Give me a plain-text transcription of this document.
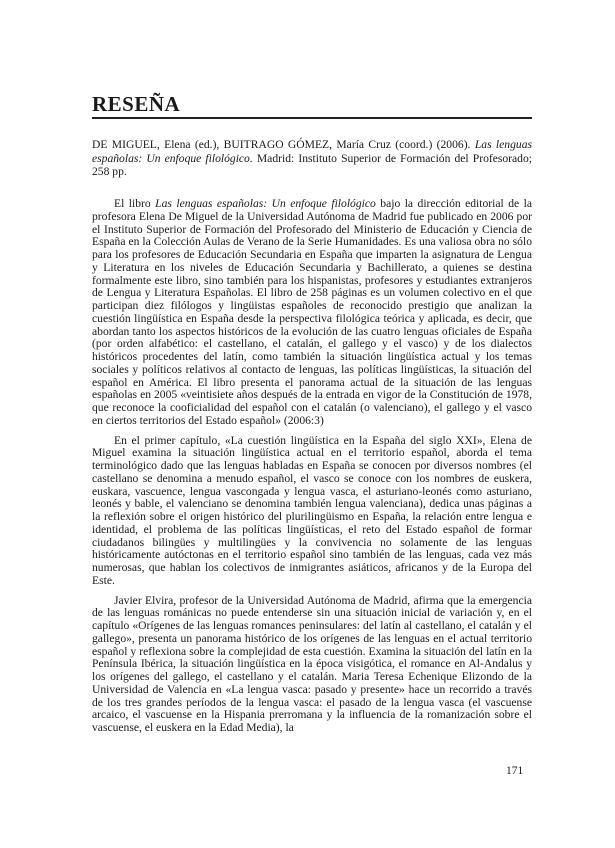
RESEÑA

DE MIGUEL, Elena (ed.), BUITRAGO GÓMEZ, María Cruz (coord.) (2006). Las lenguas españolas: Un enfoque filológico. Madrid: Instituto Superior de Formación del Profesorado; 258 pp.

El libro Las lenguas españolas: Un enfoque filológico bajo la dirección editorial de la profesora Elena De Miguel de la Universidad Autónoma de Madrid fue publicado en 2006 por el Instituto Superior de Formación del Profesorado del Ministerio de Educación y Ciencia de España en la Colección Aulas de Verano de la Serie Humanidades. Es una valiosa obra no sólo para los profesores de Educación Secundaria en España que imparten la asignatura de Lengua y Literatura en los niveles de Educación Secundaria y Bachillerato, a quienes se destina formalmente este libro, sino también para los hispanistas, profesores y estudiantes extranjeros de Lengua y Literatura Españolas. El libro de 258 páginas es un volumen colectivo en el que participan diez filólogos y lingüistas españoles de reconocido prestigio que analizan la cuestión lingüística en España desde la perspectiva filológica teórica y aplicada, es decir, que abordan tanto los aspectos históricos de la evolución de las cuatro lenguas oficiales de España (por orden alfabético: el castellano, el catalán, el gallego y el vasco) y de los dialectos históricos procedentes del latín, como también la situación lingüística actual y los temas sociales y políticos relativos al contacto de lenguas, las políticas lingüísticas, la situación del español en América. El libro presenta el panorama actual de la situación de las lenguas españolas en 2005 «veintisiete años después de la entrada en vigor de la Constitución de 1978, que reconoce la cooficialidad del español con el catalán (o valenciano), el gallego y el vasco en ciertos territorios del Estado español» (2006:3)

En el primer capítulo, «La cuestión lingüística en la España del siglo XXI», Elena de Miguel examina la situación lingüística actual en el territorio español, aborda el tema terminológico dado que las lenguas habladas en España se conocen por diversos nombres (el castellano se denomina a menudo español, el vasco se conoce con los nombres de euskera, euskara, vascuence, lengua vascongada y lengua vasca, el asturiano-leonés como asturiano, leonés y bable, el valenciano se denomina también lengua valenciana), dedica unas páginas a la reflexión sobre el origen histórico del plurilingüismo en España, la relación entre lengua e identidad, el problema de las políticas lingüísticas, el reto del Estado español de formar ciudadanos bilingües y multilingües y la convivencia no solamente de las lenguas históricamente autóctonas en el territorio español sino también de las lenguas, cada vez más numerosas, que hablan los colectivos de inmigrantes asiáticos, africanos y de la Europa del Este.

Javier Elvira, profesor de la Universidad Autónoma de Madrid, afirma que la emergencia de las lenguas románicas no puede entenderse sin una situación inicial de variación y, en el capítulo «Orígenes de las lenguas romances peninsulares: del latín al castellano, el catalán y el gallego», presenta un panorama histórico de los orígenes de las lenguas en el actual territorio español y reflexiona sobre la complejidad de esta cuestión. Examina la situación del latín en la Península Ibérica, la situación lingüística en la época visigótica, el romance en Al-Andalus y los orígenes del gallego, el castellano y el catalán. Maria Teresa Echenique Elizondo de la Universidad de Valencia en «La lengua vasca: pasado y presente» hace un recorrido a través de los tres grandes períodos de la lengua vasca: el pasado de la lengua vasca (el vascuense arcaico, el vascuense en la Hispania prerromana y la influencia de la romanización sobre el vascuense, el euskera en la Edad Media), la

171
